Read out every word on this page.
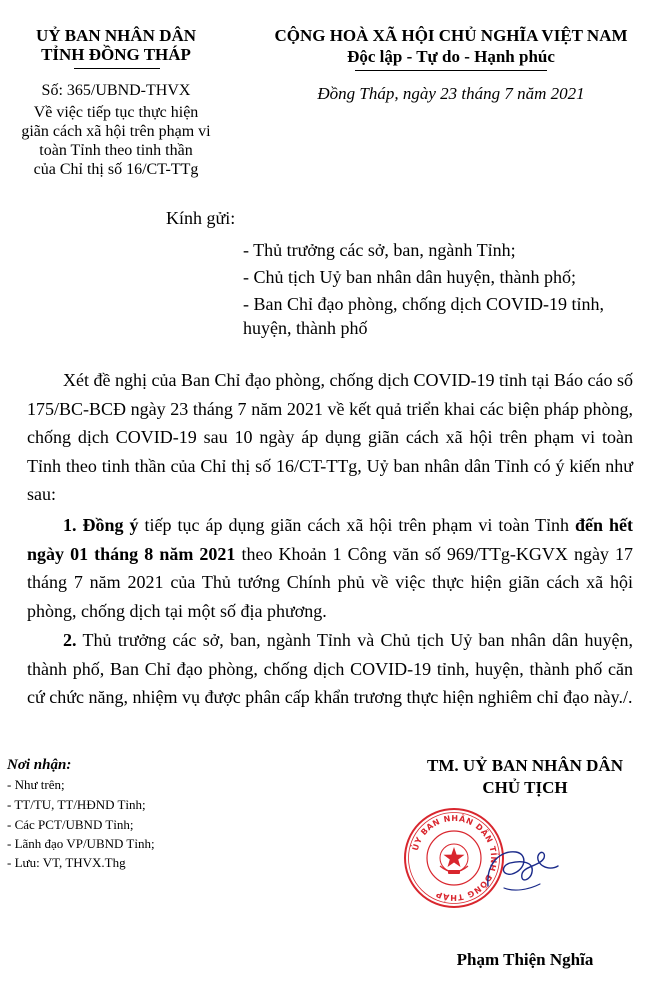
UỶ BAN NHÂN DÂN
TỈNH ĐỒNG THÁP
Số: 365/UBND-THVX
Về việc tiếp tục thực hiện
giãn cách xã hội trên phạm vi
toàn Tỉnh theo tinh thần
của Chỉ thị số 16/CT-TTg
CỘNG HOÀ XÃ HỘI CHỦ NGHĨA VIỆT NAM
Độc lập - Tự do - Hạnh phúc
Đồng Tháp, ngày 23 tháng 7 năm 2021
Kính gửi:
- Thủ trưởng các sở, ban, ngành Tỉnh;
- Chủ tịch Uỷ ban nhân dân huyện, thành phố;
- Ban Chỉ đạo phòng, chống dịch COVID-19 tỉnh,
huyện, thành phố
Xét đề nghị của Ban Chỉ đạo phòng, chống dịch COVID-19 tỉnh tại Báo cáo số 175/BC-BCĐ ngày 23 tháng 7 năm 2021 về kết quả triển khai các biện pháp phòng, chống dịch COVID-19 sau 10 ngày áp dụng giãn cách xã hội trên phạm vi toàn Tỉnh theo tinh thần của Chỉ thị số 16/CT-TTg, Uỷ ban nhân dân Tỉnh có ý kiến như sau:
1. Đồng ý tiếp tục áp dụng giãn cách xã hội trên phạm vi toàn Tỉnh đến hết ngày 01 tháng 8 năm 2021 theo Khoản 1 Công văn số 969/TTg-KGVX ngày 17 tháng 7 năm 2021 của Thủ tướng Chính phủ về việc thực hiện giãn cách xã hội phòng, chống dịch tại một số địa phương.
2. Thủ trưởng các sở, ban, ngành Tỉnh và Chủ tịch Uỷ ban nhân dân huyện, thành phố, Ban Chỉ đạo phòng, chống dịch COVID-19 tỉnh, huyện, thành phố căn cứ chức năng, nhiệm vụ được phân cấp khẩn trương thực hiện nghiêm chỉ đạo này./.
Nơi nhận:
- Như trên;
- TT/TU, TT/HĐND Tỉnh;
- Các PCT/UBND Tỉnh;
- Lãnh đạo VP/UBND Tỉnh;
- Lưu: VT, THVX.Thg
TM. UỶ BAN NHÂN DÂN
CHỦ TỊCH
ỦY BAN NHÂN DÂN TỈNH ĐỒNG THÁP
Phạm Thiện Nghĩa
